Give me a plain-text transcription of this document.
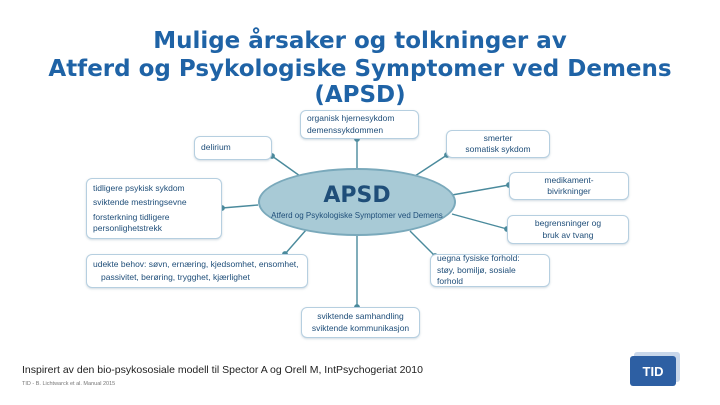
Mulige årsaker og tolkninger av
Atferd og Psykologiske Symptomer ved Demens (APSD)
organisk hjernesykdom
demenssykdommen
delirium
smerter
somatisk sykdom
medikament-
bivirkninger
tidligere psykisk sykdom
sviktende mestringsevne
forsterkning tidligere
personlighetstrekk	begrensninger og
bruk av tvang
udekte behov: søvn, ernæring, kjedsomhet, ensomhet,
passivitet, berøring, trygghet, kjærlighet
uegna fysiske forhold:
støy, bomiljø, sosiale forhold
sviktende samhandling
sviktende kommunikasjon
APSD
Atferd og Psykologiske Symptomer ved Demens
Inspirert av den bio-psykososiale modell til Spector A og Orell M, IntPsychogeriat 2010
TID - B. Lichtwarck et al. Manual 2015
TID
